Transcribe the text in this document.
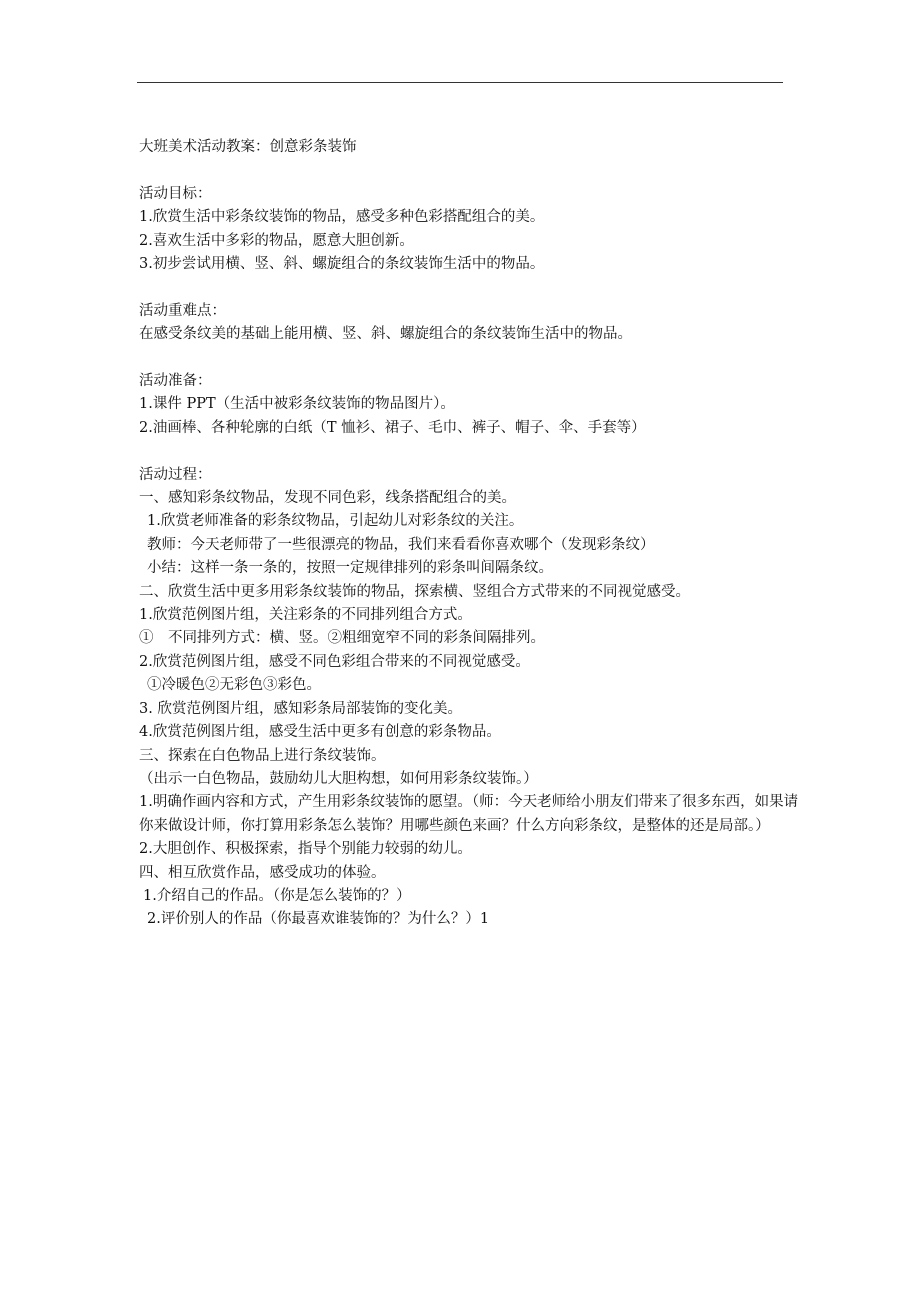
大班美术活动教案：创意彩条装饰
活动目标：
1.欣赏生活中彩条纹装饰的物品，感受多种色彩搭配组合的美。
2.喜欢生活中多彩的物品，愿意大胆创新。
3.初步尝试用横、竖、斜、螺旋组合的条纹装饰生活中的物品。
活动重难点：
在感受条纹美的基础上能用横、竖、斜、螺旋组合的条纹装饰生活中的物品。
活动准备：
1.课件 PPT（生活中被彩条纹装饰的物品图片）。
2.油画棒、各种轮廓的白纸（T 恤衫、裙子、毛巾、裤子、帽子、伞、手套等）
活动过程：
一、感知彩条纹物品，发现不同色彩，线条搭配组合的美。
1.欣赏老师准备的彩条纹物品，引起幼儿对彩条纹的关注。
教师：今天老师带了一些很漂亮的物品，我们来看看你喜欢哪个（发现彩条纹）
小结：这样一条一条的，按照一定规律排列的彩条叫间隔条纹。
二、欣赏生活中更多用彩条纹装饰的物品，探索横、竖组合方式带来的不同视觉感受。
1.欣赏范例图片组，关注彩条的不同排列组合方式。
①　不同排列方式：横、竖。②粗细宽窄不同的彩条间隔排列。
2.欣赏范例图片组，感受不同色彩组合带来的不同视觉感受。
①冷暖色②无彩色③彩色。
3. 欣赏范例图片组，感知彩条局部装饰的变化美。
4.欣赏范例图片组，感受生活中更多有创意的彩条物品。
三、探索在白色物品上进行条纹装饰。
（出示一白色物品，鼓励幼儿大胆构想，如何用彩条纹装饰。）
1.明确作画内容和方式，产生用彩条纹装饰的愿望。（师：今天老师给小朋友们带来了很多东西，如果请你来做设计师，你打算用彩条怎么装饰？用哪些颜色来画？什么方向彩条纹，是整体的还是局部。）
2.大胆创作、积极探索，指导个别能力较弱的幼儿。
四、相互欣赏作品，感受成功的体验。
1.介绍自己的作品。（你是怎么装饰的？）
2.评价别人的作品（你最喜欢谁装饰的？为什么？）1
